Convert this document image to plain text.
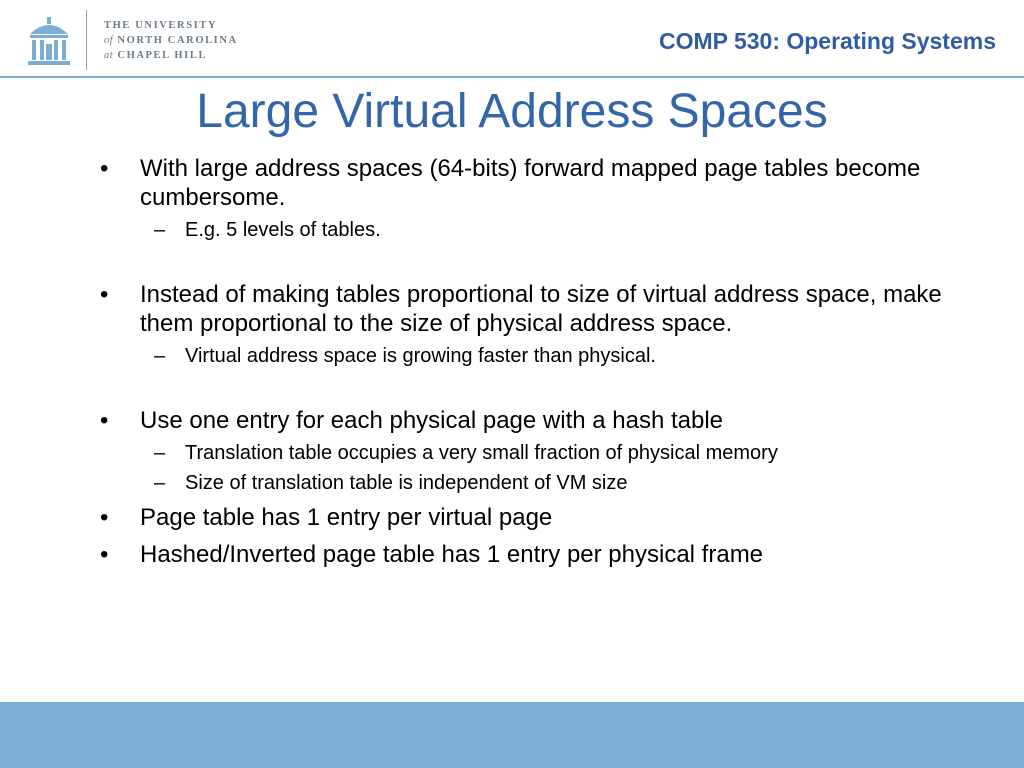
THE UNIVERSITY
of NORTH CAROLINA
at CHAPEL HILL
COMP 530: Operating Systems
Large Virtual Address Spaces
• With large address spaces (64-bits) forward mapped page tables become cumbersome.
– E.g. 5 levels of tables.
• Instead of making tables proportional to size of virtual address space, make them proportional to the size of physical address space.
– Virtual address space is growing faster than physical.
• Use one entry for each physical page with a hash table
– Translation table occupies a very small fraction of physical memory
– Size of translation table is independent of VM size
• Page table has 1 entry per virtual page
• Hashed/Inverted page table has 1 entry per physical frame
